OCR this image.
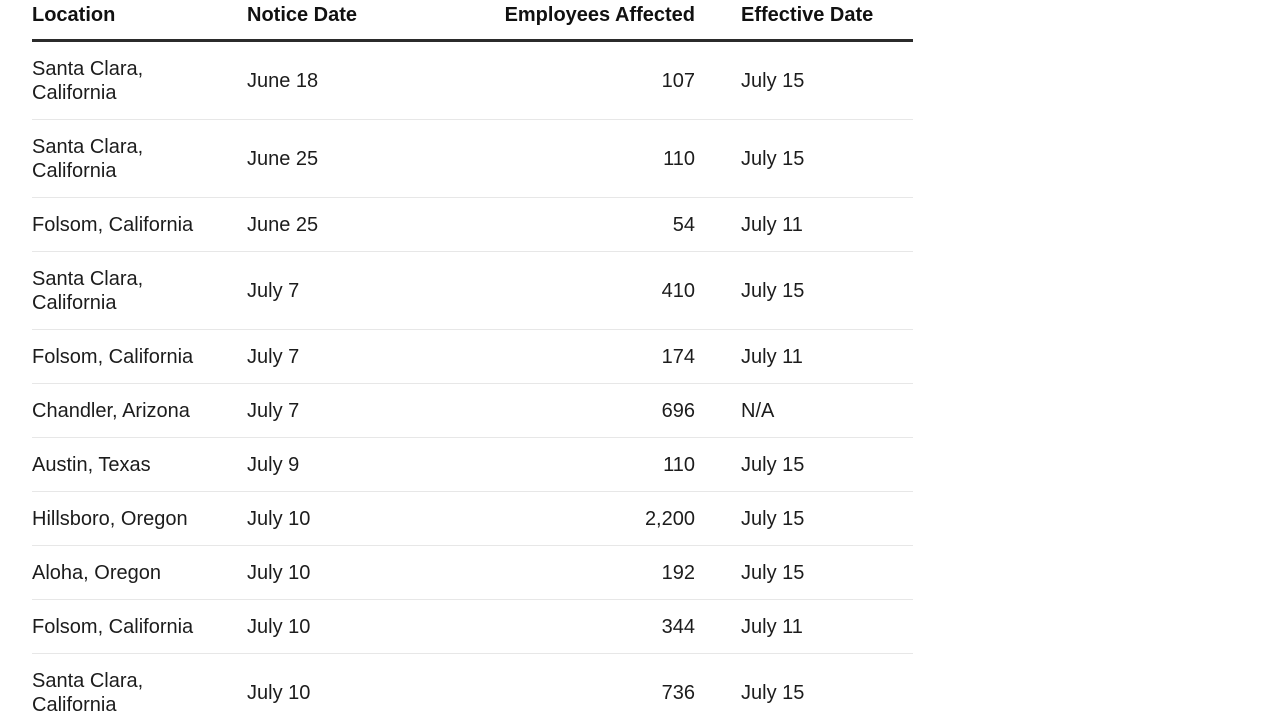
Location	Notice Date	Employees Affected	Effective Date
Santa Clara,
California
June 18	107	July 15
Santa Clara,
California
June 25	110	July 15
Folsom, California	June 25	54	July 11
Santa Clara,
California
July 7	410	July 15
Folsom, California	July 7	174	July 11
Chandler, Arizona	July 7	696	N/A
Austin, Texas	July 9	110	July 15
Hillsboro, Oregon	July 10	2,200	July 15
Aloha, Oregon	July 10	192	July 15
Folsom, California	July 10	344	July 11
Santa Clara,
California
July 10	736	July 15
